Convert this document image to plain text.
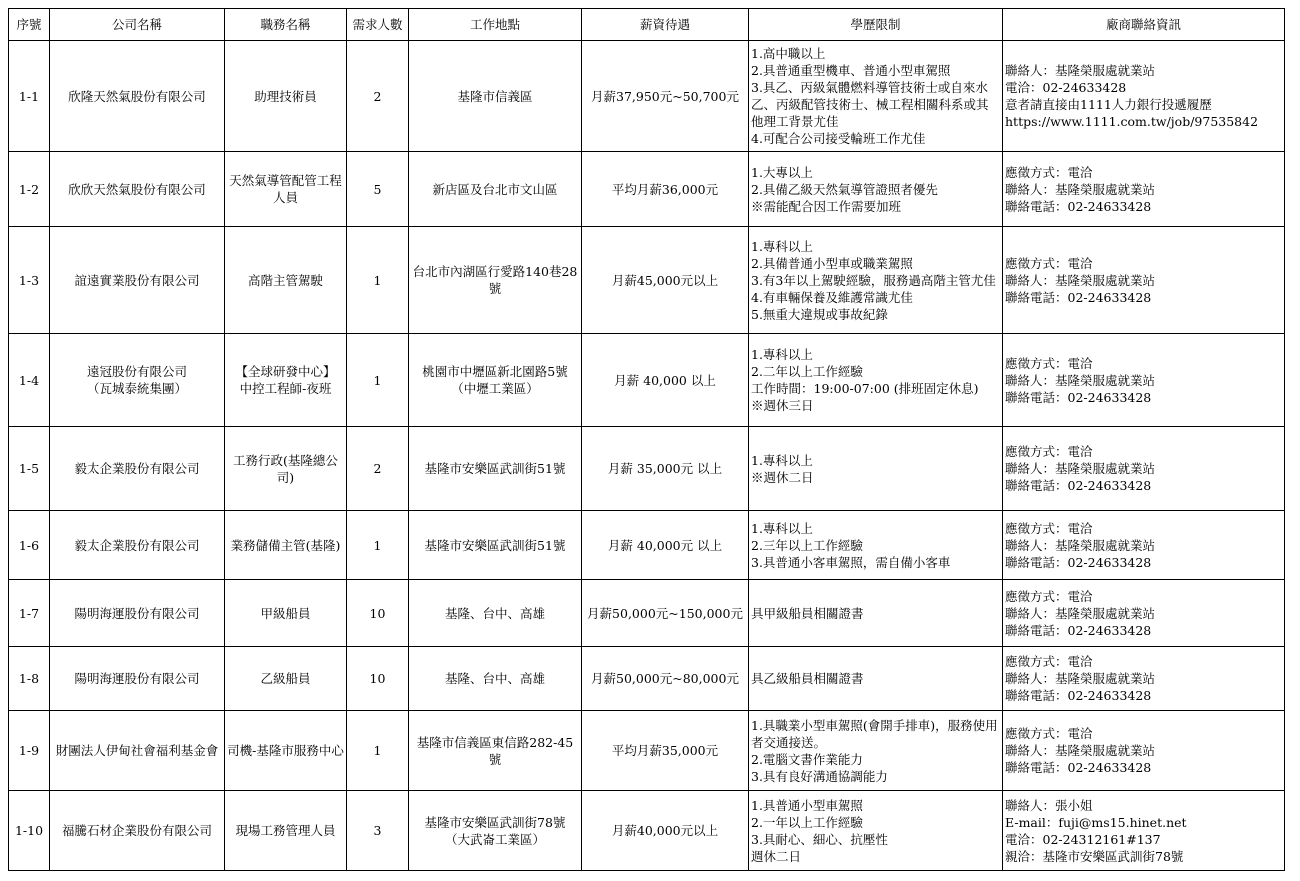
序號	公司名稱	職務名稱	需求人數	工作地點	薪資待遇	學歷限制	廠商聯絡資訊
1-1	欣隆天然氣股份有限公司	助理技術員	2	基隆市信義區	月薪37,950元~50,700元	1.高中職以上
2.具普通重型機車、普通小型車駕照
3.具乙、丙級氣體燃料導管技術士或自來水乙、丙級配管技術士、械工程相關科系或其他理工背景尤佳
4.可配合公司接受輪班工作尤佳	聯絡人：基隆榮服處就業站
電洽：02-24633428
意者請直接由1111人力銀行投遞履歷
https://www.1111.com.tw/job/97535842

1-2	欣欣天然氣股份有限公司	天然氣導管配管工程人員	5	新店區及台北市文山區	平均月薪36,000元	1.大專以上
2.具備乙級天然氣導管證照者優先
※需能配合因工作需要加班	應徵方式：電洽
聯絡人：基隆榮服處就業站
聯絡電話：02-24633428

1-3	誼遠實業股份有限公司	高階主管駕駛	1	台北市內湖區行愛路140巷28號	月薪45,000元以上	1.專科以上
2.具備普通小型車或職業駕照
3.有3年以上駕駛經驗，服務過高階主管尤佳
4.有車輛保養及維護常識尤佳
5.無重大違規或事故紀錄	應徵方式：電洽
聯絡人：基隆榮服處就業站
聯絡電話：02-24633428

1-4	遠冠股份有限公司
（瓦城泰統集團）	【全球研發中心】
中控工程師-夜班	1	桃園市中壢區新北園路5號
（中壢工業區）	月薪 40,000 以上	1.專科以上
2.二年以上工作經驗
工作時間：19:00-07:00 (排班固定休息)
※週休三日	應徵方式：電洽
聯絡人：基隆榮服處就業站
聯絡電話：02-24633428

1-5	毅太企業股份有限公司	工務行政(基隆總公司)	2	基隆市安樂區武訓街51號	月薪 35,000元 以上	1.專科以上
※週休二日	應徵方式：電洽
聯絡人：基隆榮服處就業站
聯絡電話：02-24633428

1-6	毅太企業股份有限公司	業務儲備主管(基隆)	1	基隆市安樂區武訓街51號	月薪 40,000元 以上	1.專科以上
2.三年以上工作經驗
3.具普通小客車駕照，需自備小客車	應徵方式：電洽
聯絡人：基隆榮服處就業站
聯絡電話：02-24633428

1-7	陽明海運股份有限公司	甲級船員	10	基隆、台中、高雄	月薪50,000元~150,000元	具甲級船員相關證書	應徵方式：電洽
聯絡人：基隆榮服處就業站
聯絡電話：02-24633428

1-8	陽明海運股份有限公司	乙級船員	10	基隆、台中、高雄	月薪50,000元~80,000元	具乙級船員相關證書	應徵方式：電洽
聯絡人：基隆榮服處就業站
聯絡電話：02-24633428

1-9	財團法人伊甸社會福利基金會	司機-基隆市服務中心	1	基隆市信義區東信路282-45號	平均月薪35,000元	1.具職業小型車駕照(會開手排車)，服務使用者交通接送。
2.電腦文書作業能力
3.具有良好溝通協調能力	應徵方式：電洽
聯絡人：基隆榮服處就業站
聯絡電話：02-24633428

1-10	福騰石材企業股份有限公司	現場工務管理人員	3	基隆市安樂區武訓街78號
（大武崙工業區）	月薪40,000元以上	1.具普通小型車駕照
2.一年以上工作經驗
3.具耐心、細心、抗壓性
週休二日	聯絡人：張小姐
E-mail：fuji@ms15.hinet.net
電洽：02-24312161#137
親洽：基隆市安樂區武訓街78號
